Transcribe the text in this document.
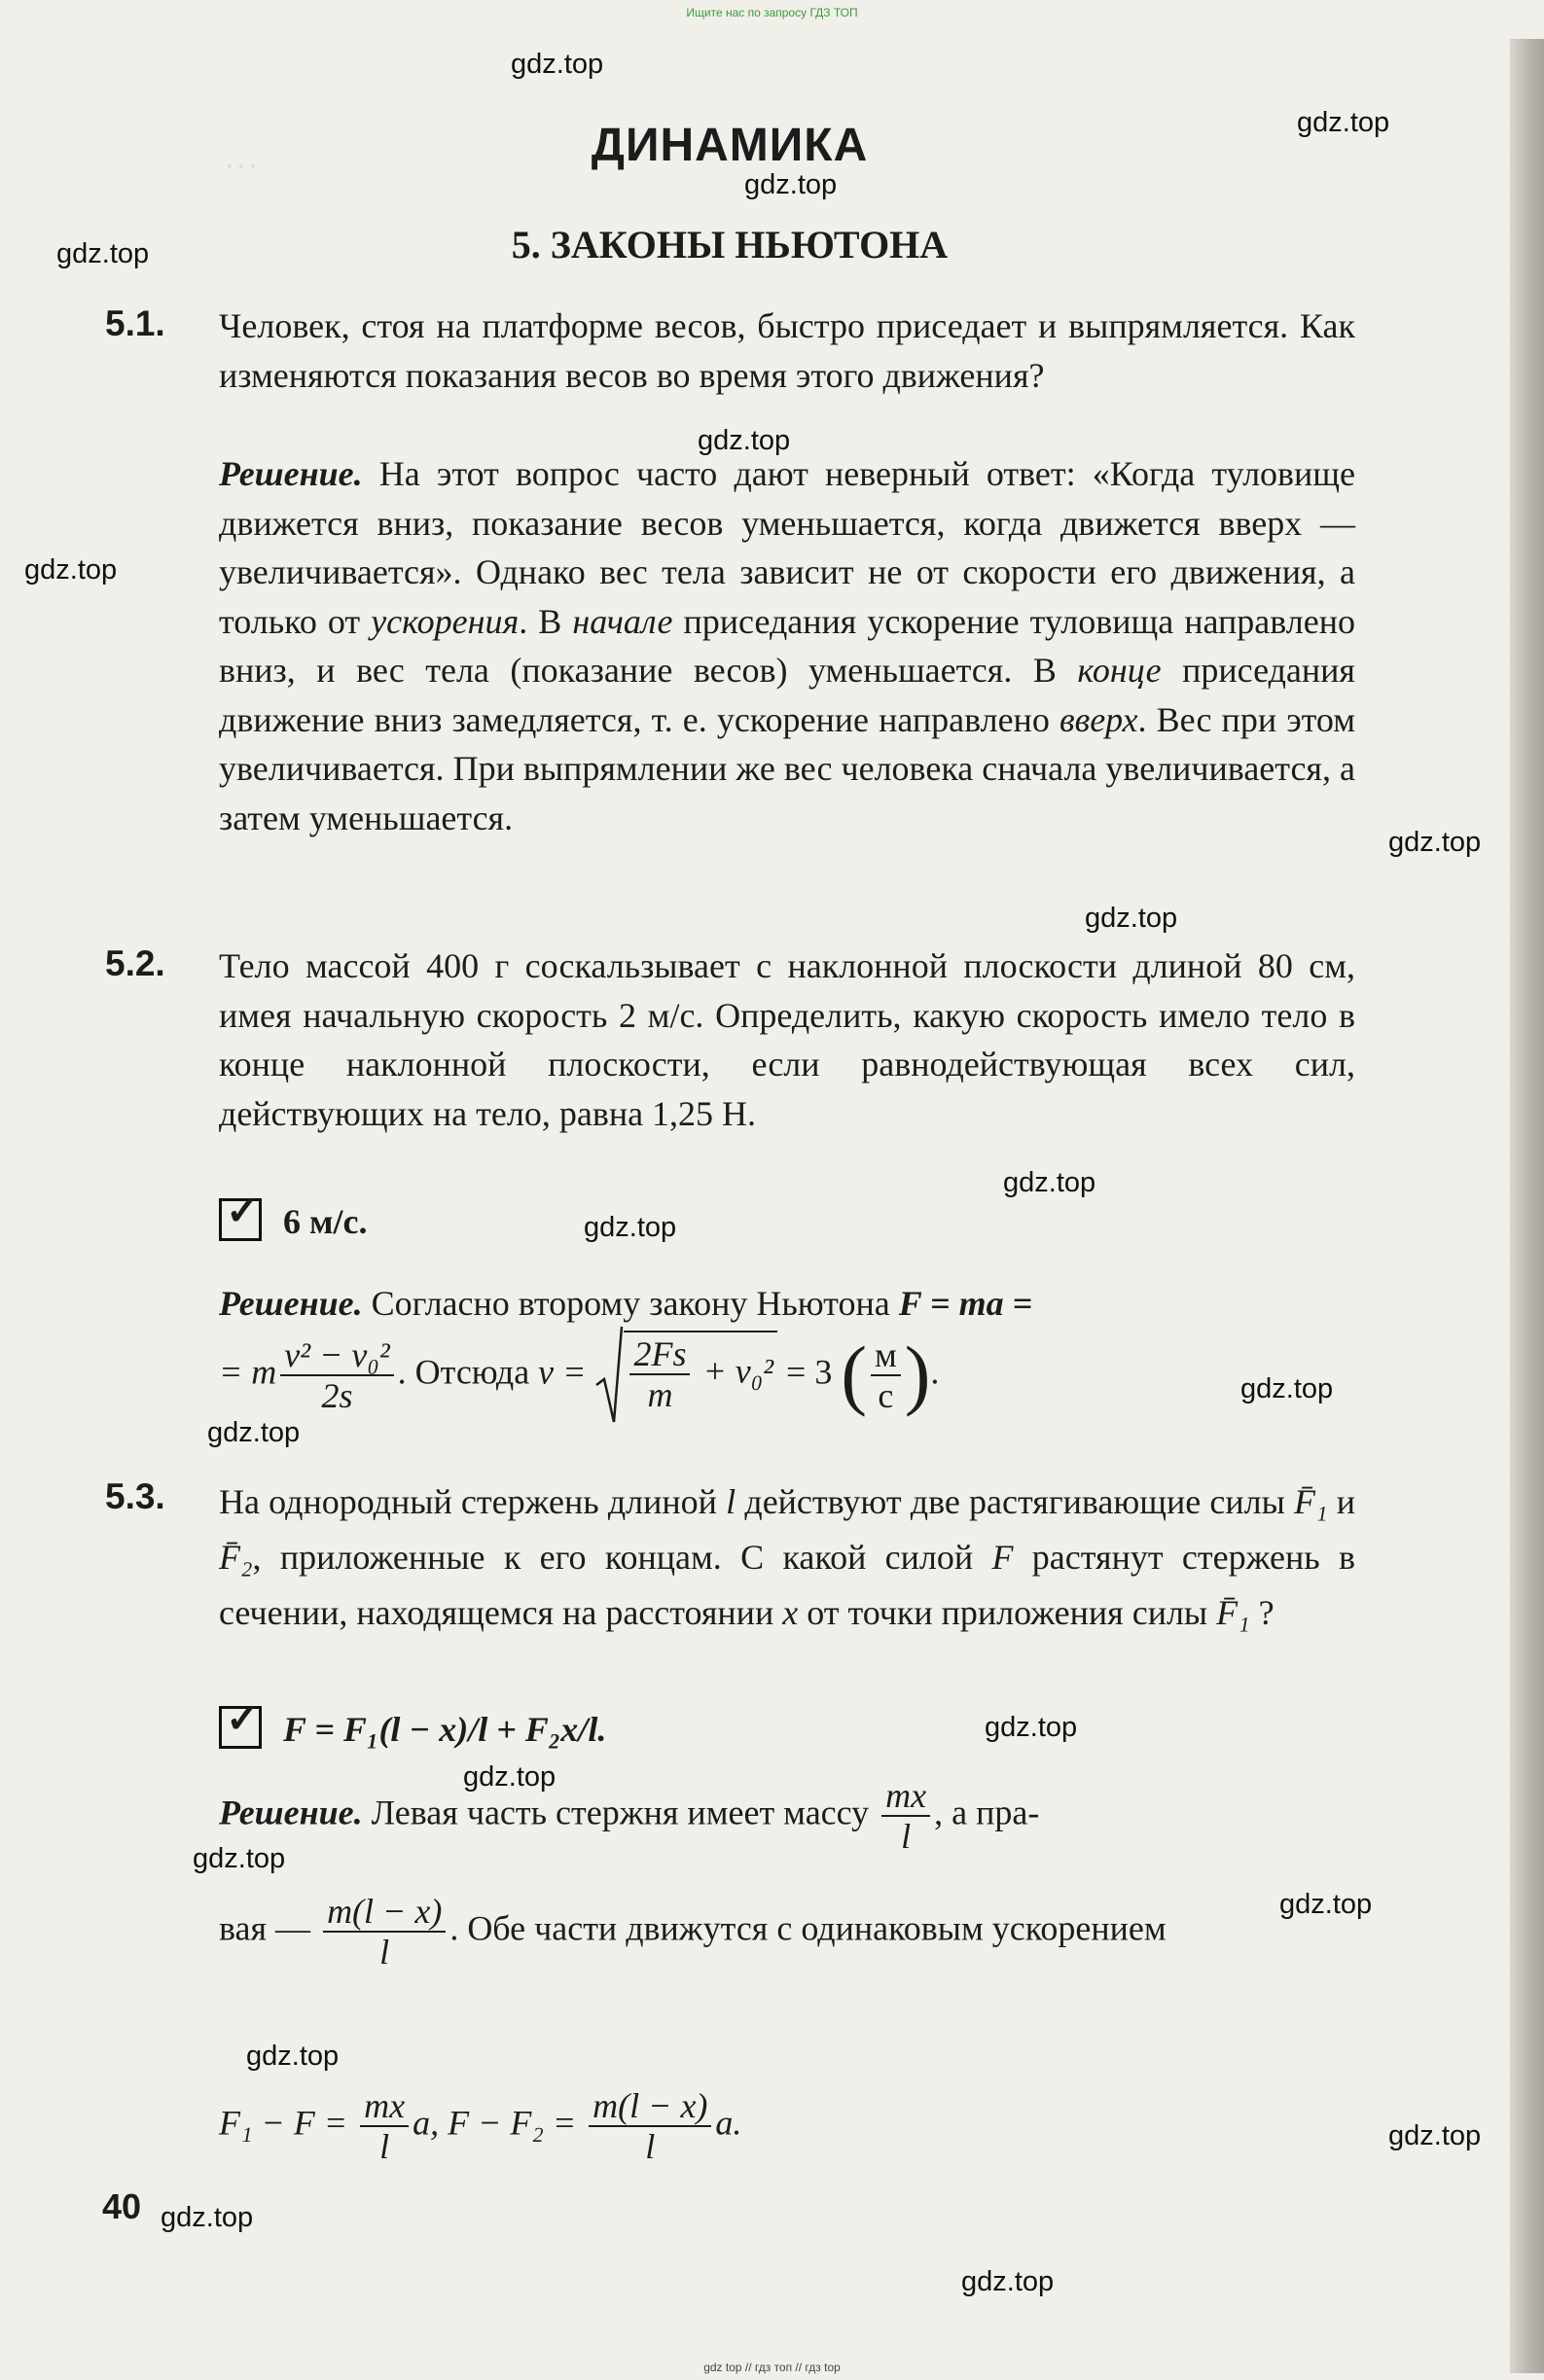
…
Ищите нас по запросу ГДЗ ТОП
ДИНАМИКА
5. ЗАКОНЫ НЬЮТОНА
5.1. Человек, стоя на платформе весов, быстро приседает и выпрямляется. Как изменяются показания весов во время этого движения?
Решение. На этот вопрос часто дают неверный ответ: «Когда туловище движется вниз, показание весов уменьшается, когда движется вверх — увеличивается». Однако вес тела зависит не от скорости его движения, а только от ускорения. В начале приседания ускорение туловища направлено вниз, и вес тела (показание весов) уменьшается. В конце приседания движение вниз замедляется, т. е. ускорение направлено вверх. Вес при этом увеличивается. При выпрямлении же вес человека сначала увеличивается, а затем уменьшается.
5.2. Тело массой 400 г соскальзывает с наклонной плоскости длиной 80 см, имея начальную скорость 2 м/с. Определить, какую скорость имело тело в конце наклонной плоскости, если равнодействующая всех сил, действующих на тело, равна 1,25 Н.
✓ 6 м/с.
Решение. Согласно второму закону Ньютона F = ma =
= m $\frac{\text{v² − v₀²}}{2s}$ . Отсюда $v = \frac{2Fs}{m} + v_0^2 = 3$ ( $\frac{м}{с}$ ).
5.3. На однородный стержень длиной l действуют две растягивающие силы F̄₁ и F̄₂, приложенные к его концам. С какой силой F растянут стержень в сечении, находящемся на расстоянии x от точки приложения силы F̄₁ ?
✓ F = F₁(l − x)/l + F₂x/l.
Решение. Левая часть стержня имеет массу $\frac{mx}{l}$ , а пра-
вая — $\frac{m(l - x)}{l}$ . Обе части движутся с одинаковым ускорением
$F_1 - F = \frac{mx}{l} a$, $F - F_2 = \frac{m(l - x)}{l} a$.
40
gdz.top
gdz.top
gdz.top
gdz.top
gdz.top
gdz.top
gdz.top
gdz.top
gdz.top
gdz.top
gdz.top
gdz.top
gdz.top
gdz.top
gdz.top
gdz.top
gdz.top
gdz.top
gdz.top
gdz.top
gdz top // гдз топ // гдз top
